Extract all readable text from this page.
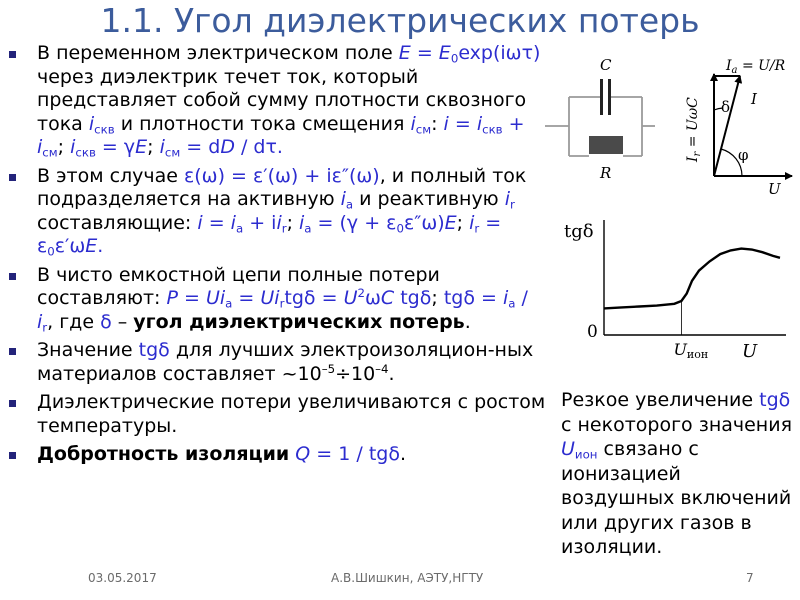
1.1. Угол диэлектрических потерь
В переменном электрическом поле $E = E_0\exp(i\omega\tau)$ через диэлектрик течет ток, который представляет собой сумму плотности сквозного тока $i_{скв}$ и плотности тока смещения $i_{см}$: $i = i_{скв} + i_{см}$; $i_{скв} = \gamma E$; $i_{см}$ = dD / dτ.
В этом случае ε(ω) = ε′(ω) + iε″(ω), и полный ток подразделяется на активную $i_а$ и реактивную $i_r$ составляющие: $i = i_а + ii_r$; $i_а = (\gamma + \varepsilon_0\varepsilon''\omega)E$; $i_r = \varepsilon_0\varepsilon'\omega E$.
В чисто емкостной цепи полные потери составляют: $P = Ui_а = Ui_rtg\delta = U^2\omega C$ tgδ; $tg\delta = i_а / i_r$, где δ – угол диэлектрических потерь.
Значение tgδ для лучших электроизоляцион-ных материалов составляет $\sim 10^{-5}\div 10^{-4}$.
Диэлектрические потери увеличиваются с ростом температуры.
Добротность изоляции Q = 1 / tgδ.
C
R
$I_a = U/R$
$I_r = U\omega C$	I
δ
φ
U
tgδ
0
U
Uион
Резкое увеличение tgδ с некоторого значения $U_{ион}$ связано с ионизацией воздушных включений или других газов в изоляции.
03.05.2017	А.В.Шишкин, АЭТУ,НГТУ	7
